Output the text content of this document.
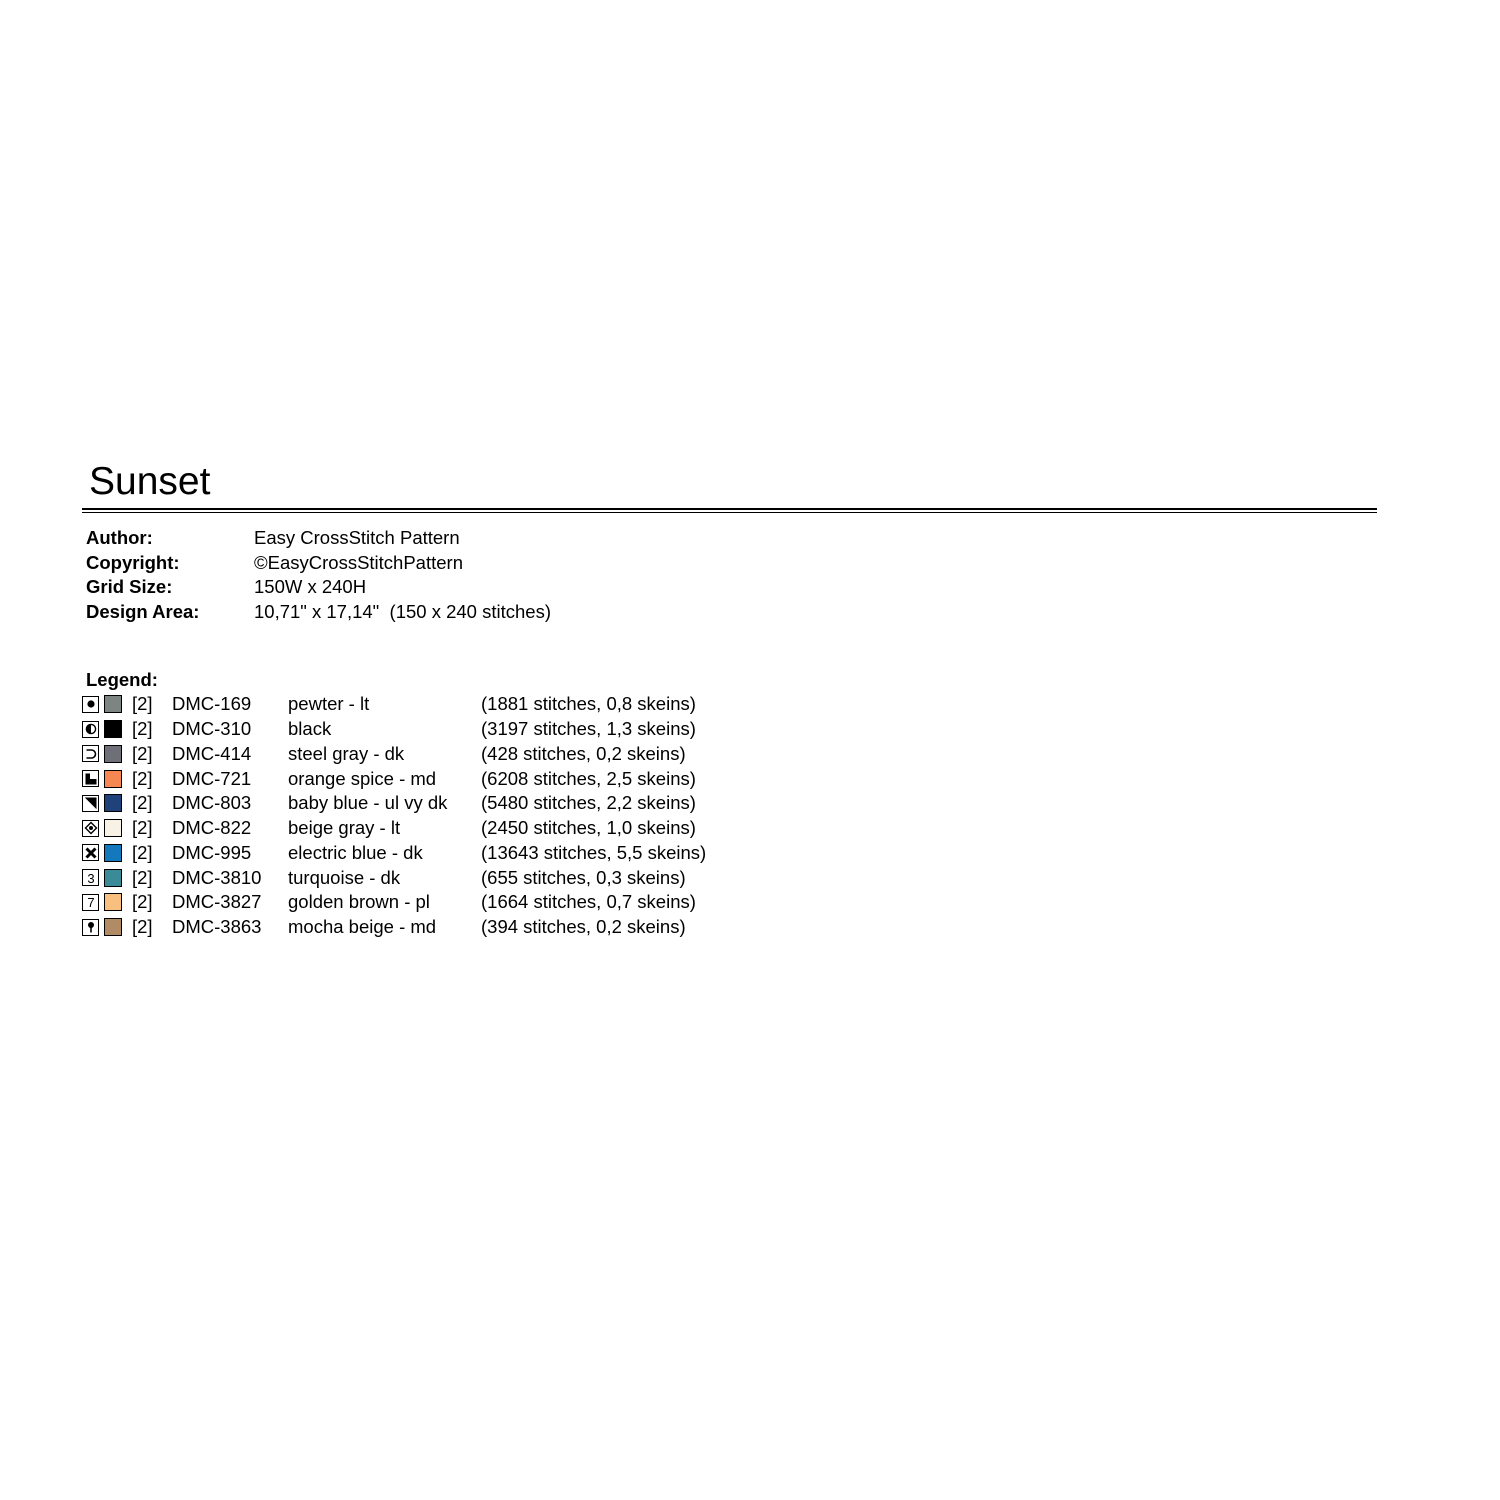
Sunset
Author:	Easy CrossStitch Pattern
Copyright:	©EasyCrossStitchPattern
Grid Size:	150W x 240H
Design Area:	10,71" x 17,14"  (150 x 240 stitches)
Legend:
[2]	DMC-169	pewter - lt	(1881 stitches, 0,8 skeins)
[2]	DMC-310	black	(3197 stitches, 1,3 skeins)
[2]	DMC-414	steel gray - dk	(428 stitches, 0,2 skeins)
[2]	DMC-721	orange spice - md	(6208 stitches, 2,5 skeins)
[2]	DMC-803	baby blue - ul vy dk	(5480 stitches, 2,2 skeins)
[2]	DMC-822	beige gray - lt	(2450 stitches, 1,0 skeins)
[2]	DMC-995	electric blue - dk	(13643 stitches, 5,5 skeins)
3 [2]	DMC-3810	turquoise - dk	(655 stitches, 0,3 skeins)
7 [2]	DMC-3827	golden brown - pl	(1664 stitches, 0,7 skeins)
[2]	DMC-3863	mocha beige - md	(394 stitches, 0,2 skeins)
